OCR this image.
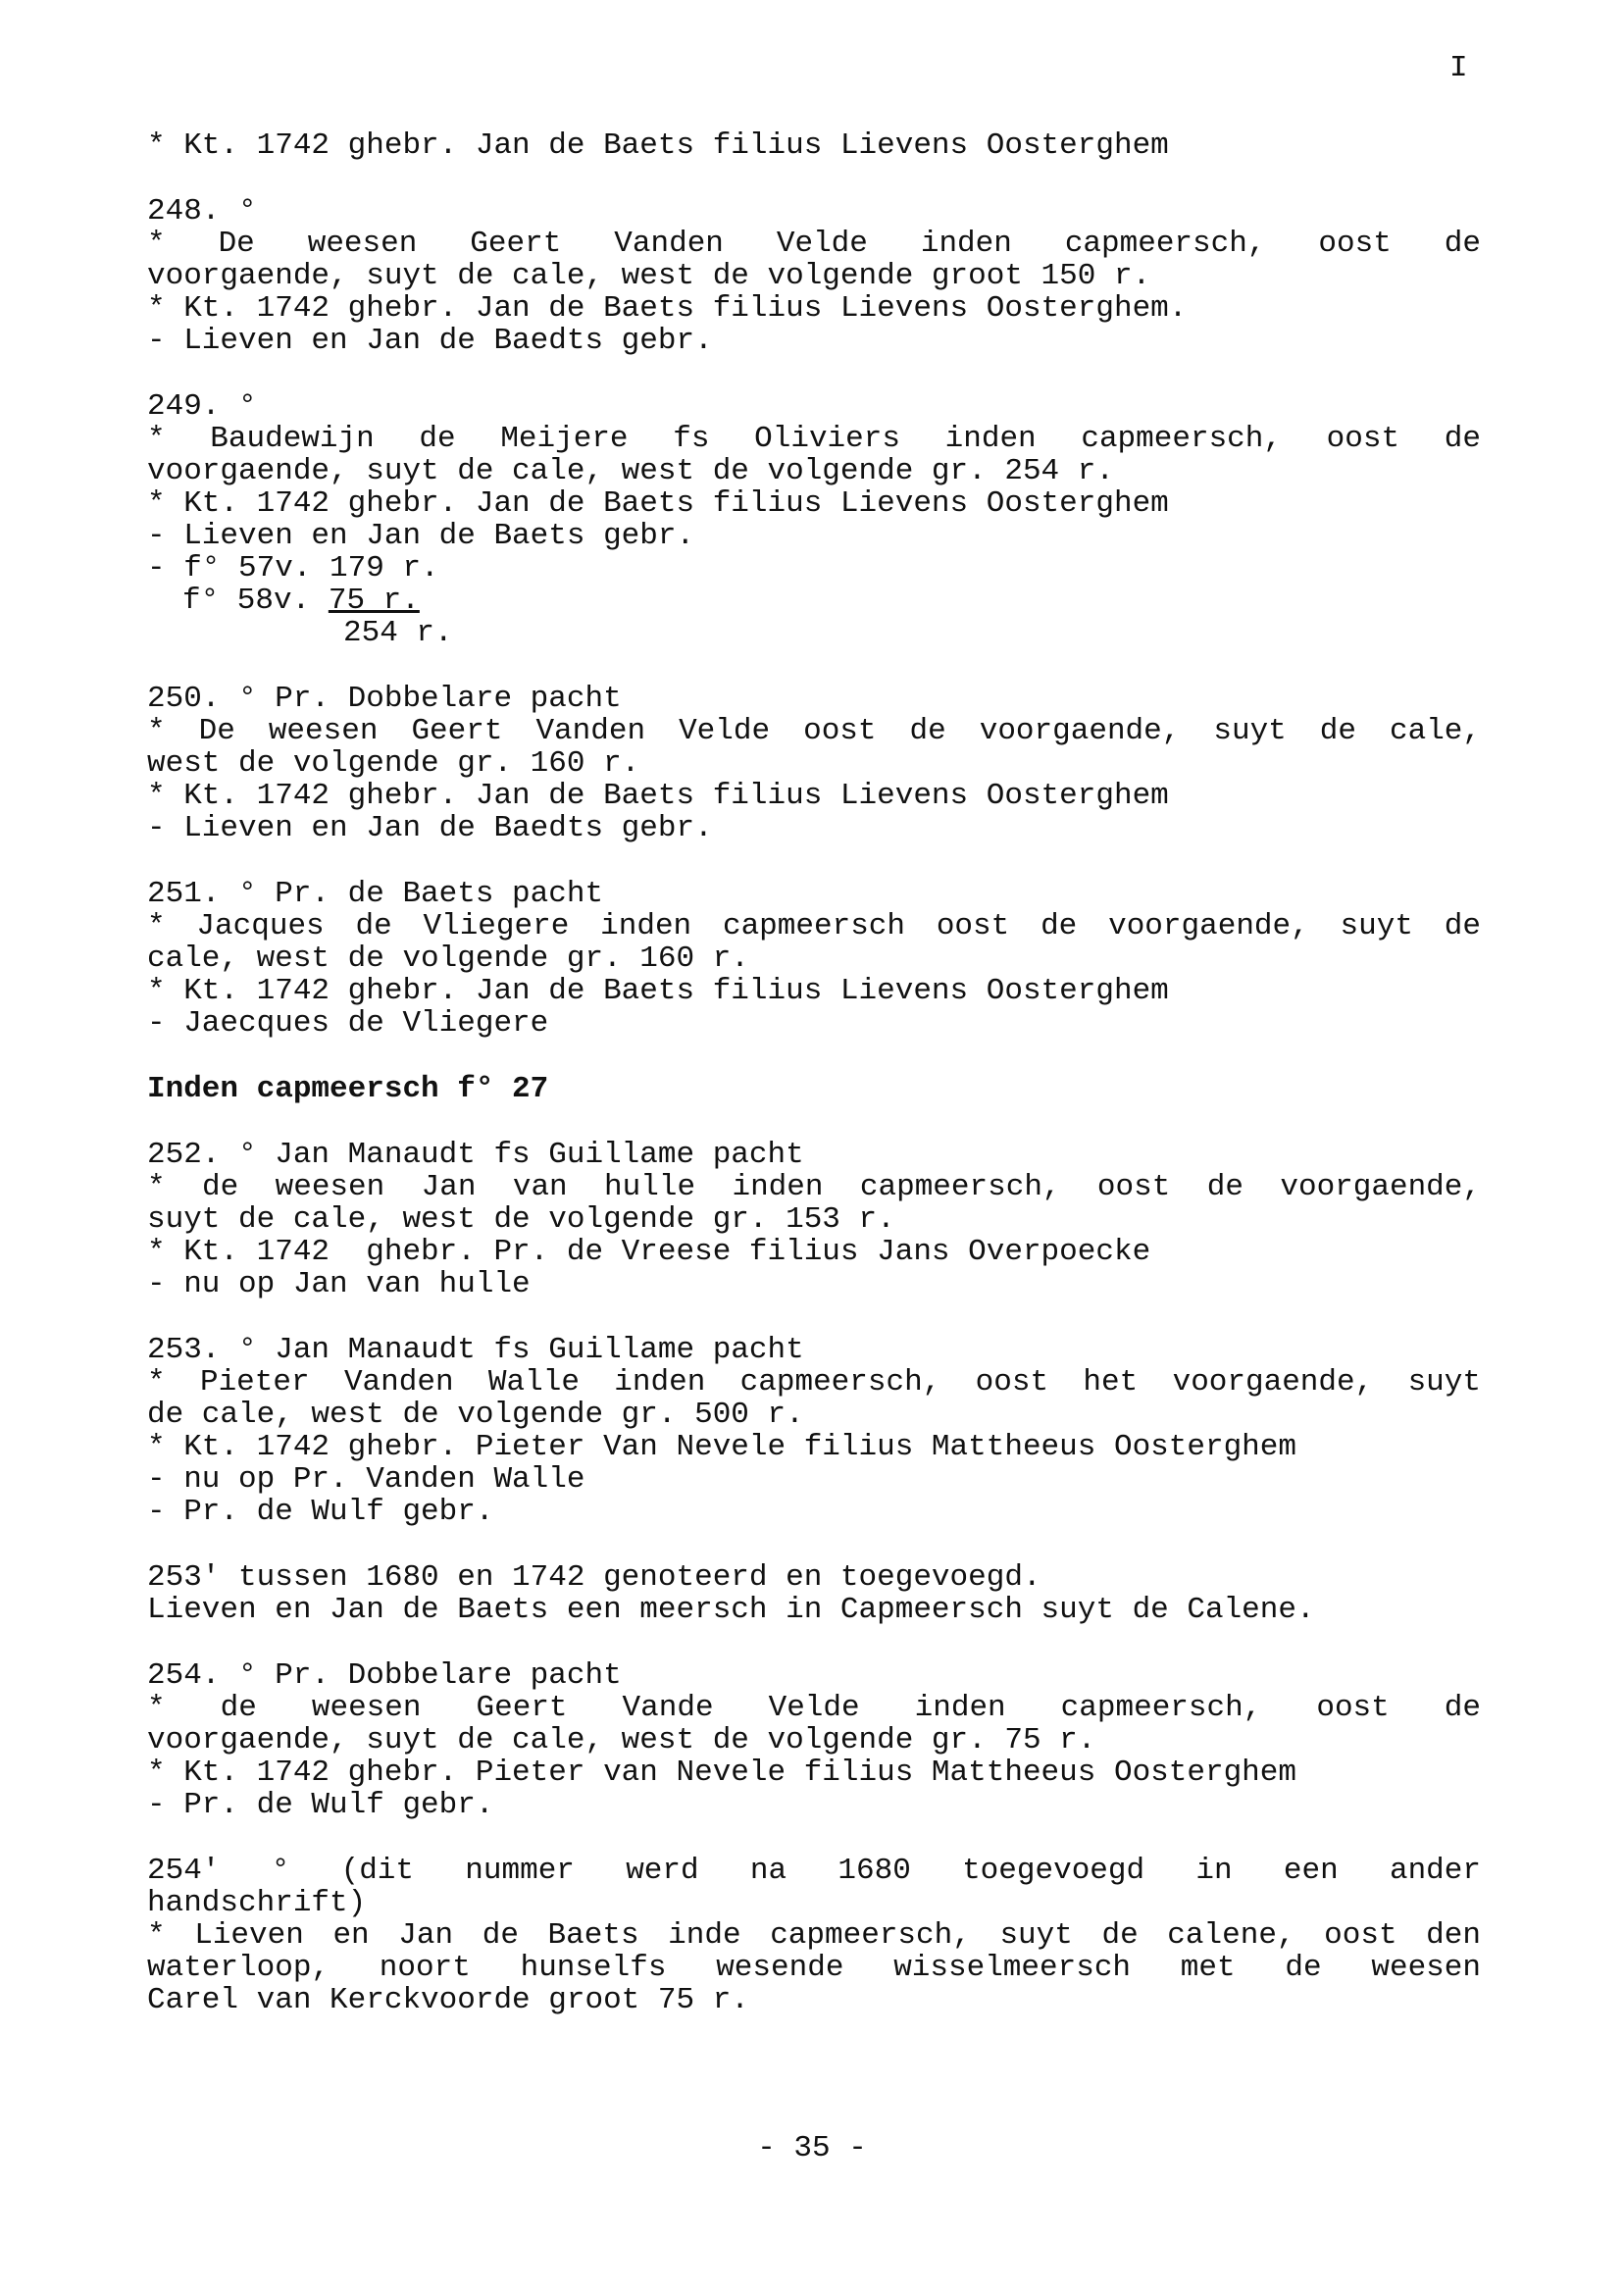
I
* Kt. 1742 ghebr. Jan de Baets filius Lievens Oosterghem
248. °
* De weesen Geert Vanden Velde inden capmeersch, oost de
voorgaende, suyt de cale, west de volgende groot 150 r.
* Kt. 1742 ghebr. Jan de Baets filius Lievens Oosterghem.
- Lieven en Jan de Baedts gebr.
249. °
* Baudewijn de Meijere fs Oliviers inden capmeersch, oost de
voorgaende, suyt de cale, west de volgende gr. 254 r.
* Kt. 1742 ghebr. Jan de Baets filius Lievens Oosterghem
- Lieven en Jan de Baets gebr.
- f° 57v. 179 r.
f° 58v. 75 r.
254 r.
250. ° Pr. Dobbelare pacht
* De weesen Geert Vanden Velde oost de voorgaende, suyt de cale,
west de volgende gr. 160 r.
* Kt. 1742 ghebr. Jan de Baets filius Lievens Oosterghem
- Lieven en Jan de Baedts gebr.
251. ° Pr. de Baets pacht
* Jacques de Vliegere inden capmeersch oost de voorgaende, suyt de
cale, west de volgende gr. 160 r.
* Kt. 1742 ghebr. Jan de Baets filius Lievens Oosterghem
- Jaecques de Vliegere
Inden capmeersch f° 27
252. ° Jan Manaudt fs Guillame pacht
* de weesen Jan van hulle inden capmeersch, oost de voorgaende,
suyt de cale, west de volgende gr. 153 r.
* Kt. 1742  ghebr. Pr. de Vreese filius Jans Overpoecke
- nu op Jan van hulle
253. ° Jan Manaudt fs Guillame pacht
* Pieter Vanden Walle inden capmeersch, oost het voorgaende, suyt
de cale, west de volgende gr. 500 r.
* Kt. 1742 ghebr. Pieter Van Nevele filius Mattheeus Oosterghem
- nu op Pr. Vanden Walle
- Pr. de Wulf gebr.
253' tussen 1680 en 1742 genoteerd en toegevoegd.
Lieven en Jan de Baets een meersch in Capmeersch suyt de Calene.
254. ° Pr. Dobbelare pacht
* de weesen Geert Vande Velde inden capmeersch, oost de
voorgaende, suyt de cale, west de volgende gr. 75 r.
* Kt. 1742 ghebr. Pieter van Nevele filius Mattheeus Oosterghem
- Pr. de Wulf gebr.
254' ° (dit nummer werd na 1680 toegevoegd in een ander
handschrift)
* Lieven en Jan de Baets inde capmeersch, suyt de calene, oost den
waterloop, noort hunselfs wesende wisselmeersch met de weesen
Carel van Kerckvoorde groot 75 r.
- 35 -
